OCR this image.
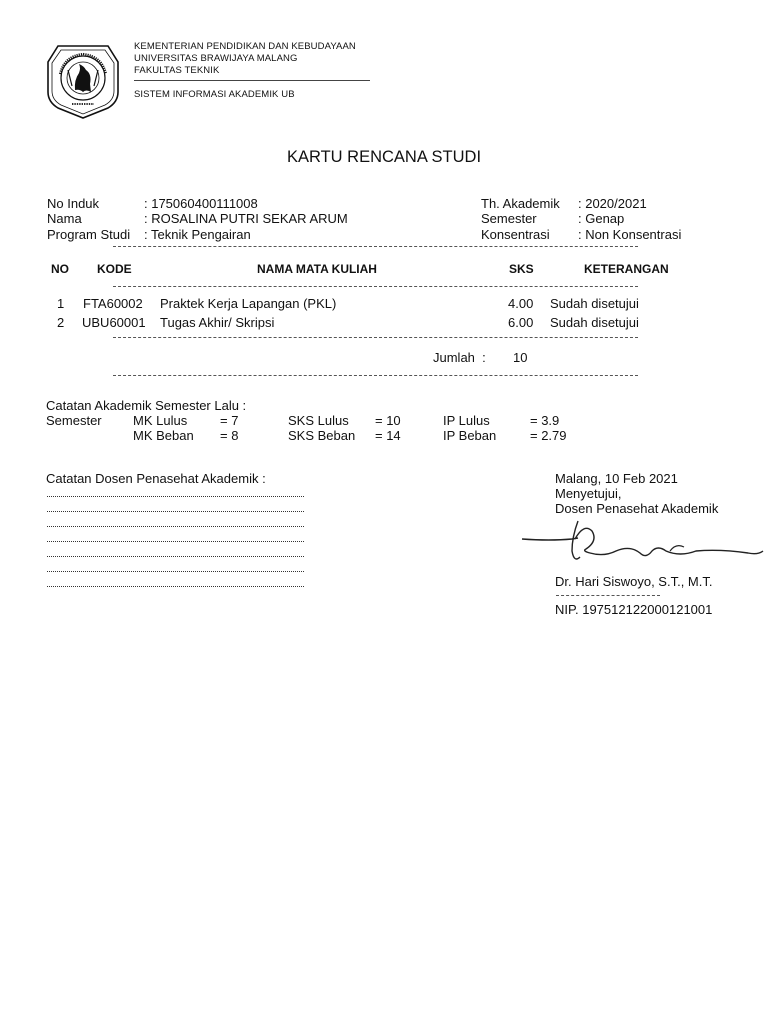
KEMENTERIAN PENDIDIKAN DAN KEBUDAYAAN
UNIVERSITAS BRAWIJAYA MALANG
FAKULTAS TEKNIK
SISTEM INFORMASI AKADEMIK UB
KARTU RENCANA STUDI
No Induk	: 175060400111008
Nama	: ROSALINA PUTRI SEKAR ARUM
Program Studi : Teknik Pengairan
Th. Akademik : 2020/2021
Semester	: Genap
Konsentrasi : Non Konsentrasi
NO KODE	NAMA MATA KULIAH	SKS	KETERANGAN
1 FTA60002 Praktek Kerja Lapangan (PKL)	4.00 Sudah disetujui
2 UBU60001 Tugas Akhir/ Skripsi	6.00 Sudah disetujui
Jumlah  : 10
Catatan Akademik Semester Lalu :
Semester MK Lulus	= 7	SKS Lulus = 10	IP Lulus	= 3.9
MK Beban = 8	SKS Beban = 14	IP Beban	= 2.79
Catatan Dosen Penasehat Akademik :	Malang, 10 Feb 2021
Menyetujui,
Dosen Penasehat Akademik
Dr. Hari Siswoyo, S.T., M.T.
NIP. 197512122000121001
